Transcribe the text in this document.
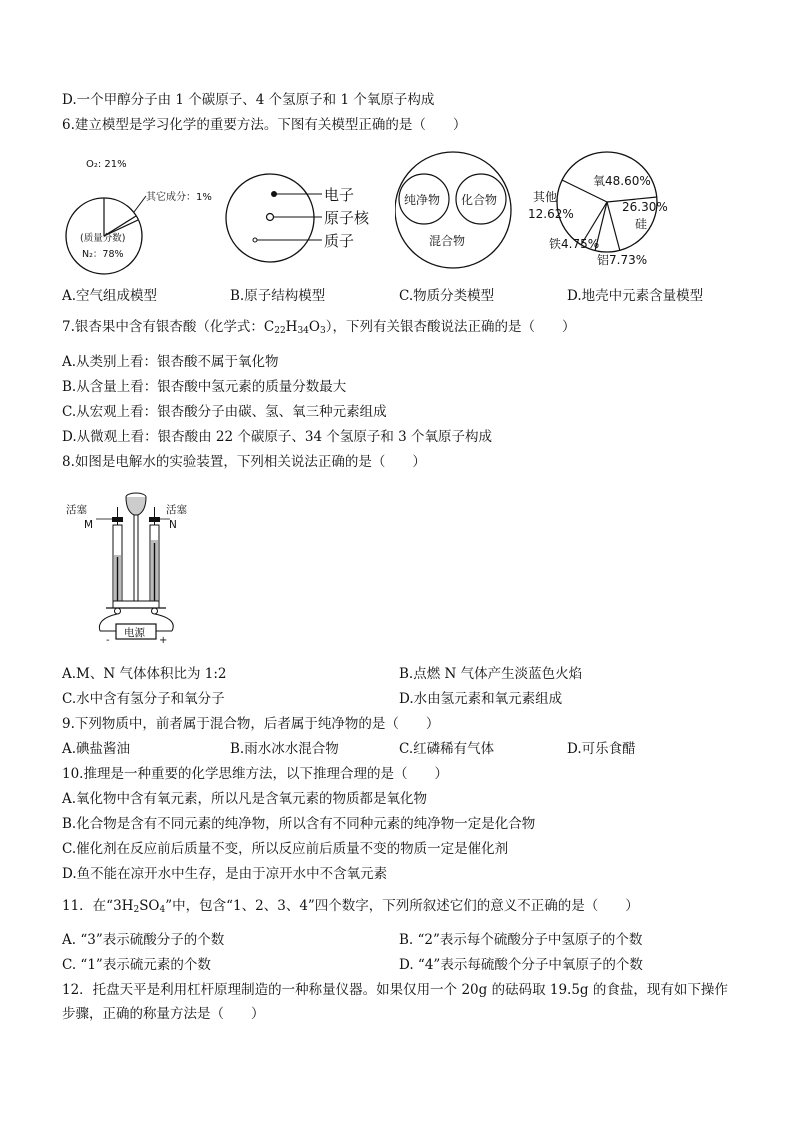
D.一个甲醇分子由 1 个碳原子、4 个氢原子和 1 个氧原子构成
6.建立模型是学习化学的重要方法。下图有关模型正确的是（　　）
O₂: 21%
其它成分：1%
(质量分数)
N₂：78%
电子
原子核
质子
纯净物 化合物
混合物
氧48.60%
其他
12.62%	26.30%
硅
铁4.75%
铝7.73%
A.空气组成模型	B.原子结构模型	C.物质分类模型	D.地壳中元素含量模型
7.银杏果中含有银杏酸（化学式：$C_{22}H_{34}O_3$），下列有关银杏酸说法正确的是（　　）
A.从类别上看：银杏酸不属于氧化物
B.从含量上看：银杏酸中氢元素的质量分数最大
C.从宏观上看：银杏酸分子由碳、氢、氧三种元素组成
D.从微观上看：银杏酸由 22 个碳原子、34 个氢原子和 3 个氧原子构成
8.如图是电解水的实验装置，下列相关说法正确的是（　　）
电源
-	+
活塞
M
活塞
N
A.M、N 气体体积比为 1:2	B.点燃 N 气体产生淡蓝色火焰
C.水中含有氢分子和氧分子	D.水由氢元素和氧元素组成
9.下列物质中，前者属于混合物，后者属于纯净物的是（　　）
A.碘盐酱油	B.雨水冰水混合物	C.红磷稀有气体	D.可乐食醋
10.推理是一种重要的化学思维方法，以下推理合理的是（　　）
A.氧化物中含有氧元素，所以凡是含氧元素的物质都是氧化物
B.化合物是含有不同元素的纯净物，所以含有不同种元素的纯净物一定是化合物
C.催化剂在反应前后质量不变，所以反应前后质量不变的物质一定是催化剂
D.鱼不能在凉开水中生存，是由于凉开水中不含氧元素
11．在“$3H_2SO_4$”中，包含“1、2、3、4”四个数字，下列所叙述它们的意义不正确的是（　　）
A. “3”表示硫酸分子的个数	B. “2”表示每个硫酸分子中氢原子的个数
C. “1”表示硫元素的个数	D. “4”表示每硫酸个分子中氧原子的个数
12．托盘天平是利用杠杆原理制造的一种称量仪器。如果仅用一个 20g 的砝码取 19.5g 的食盐，现有如下操作
步骤，正确的称量方法是（　　）
